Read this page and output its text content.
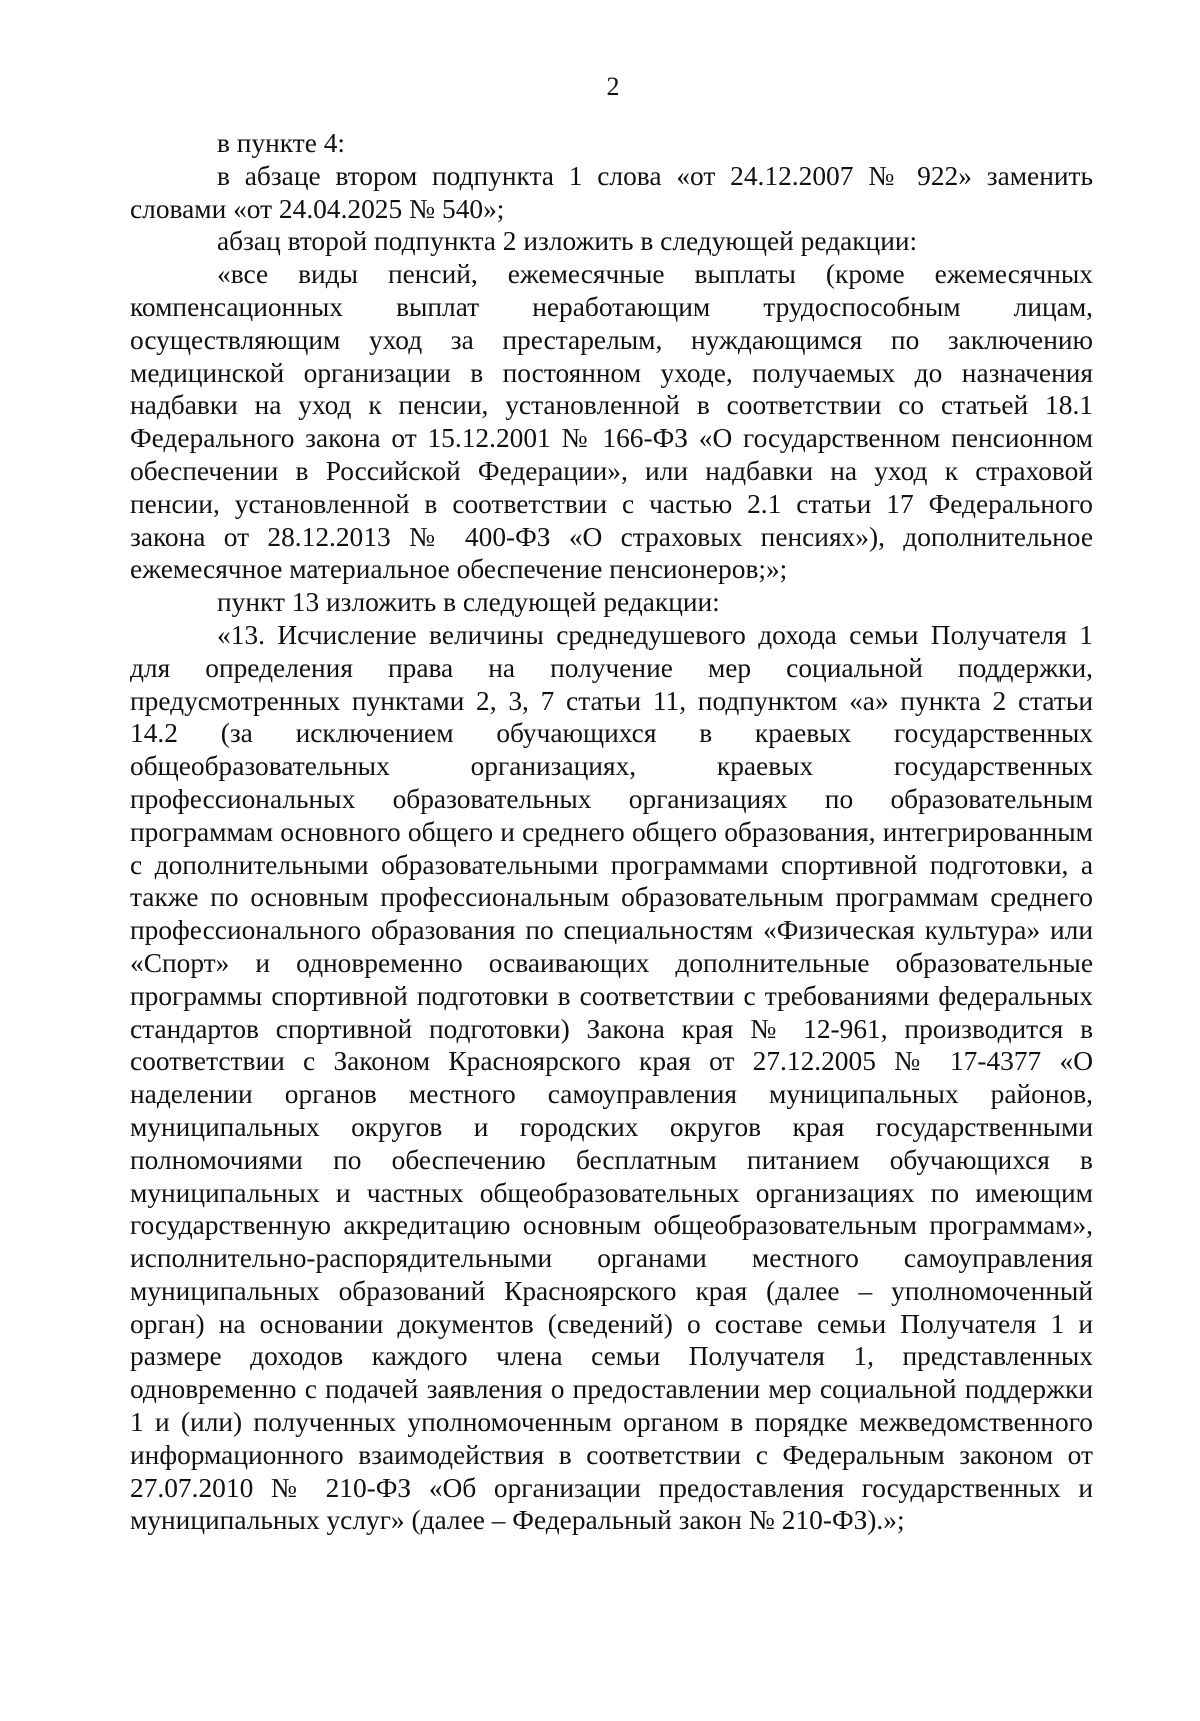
2

в пункте 4:

в абзаце втором подпункта 1 слова «от 24.12.2007 № 922» заменить словами «от 24.04.2025 № 540»;

абзац второй подпункта 2 изложить в следующей редакции:

«все виды пенсий, ежемесячные выплаты (кроме ежемесячных компенсационных выплат неработающим трудоспособным лицам, осуществляющим уход за престарелым, нуждающимся по заключению медицинской организации в постоянном уходе, получаемых до назначения надбавки на уход к пенсии, установленной в соответствии со статьей 18.1 Федерального закона от 15.12.2001 № 166-ФЗ «О государственном пенсионном обеспечении в Российской Федерации», или надбавки на уход к страховой пенсии, установленной в соответствии с частью 2.1 статьи 17 Федерального закона от 28.12.2013 № 400-ФЗ «О страховых пенсиях»), дополнительное ежемесячное материальное обеспечение пенсионеров;»;

пункт 13 изложить в следующей редакции:

«13. Исчисление величины среднедушевого дохода семьи Получателя 1 для определения права на получение мер социальной поддержки, предусмотренных пунктами 2, 3, 7 статьи 11, подпунктом «а» пункта 2 статьи 14.2 (за исключением обучающихся в краевых государственных общеобразовательных организациях, краевых государственных профессиональных образовательных организациях по образовательным программам основного общего и среднего общего образования, интегрированным с дополнительными образовательными программами спортивной подготовки, а также по основным профессиональным образовательным программам среднего профессионального образования по специальностям «Физическая культура» или «Спорт» и одновременно осваивающих дополнительные образовательные программы спортивной подготовки в соответствии с требованиями федеральных стандартов спортивной подготовки) Закона края № 12-961, производится в соответствии с Законом Красноярского края от 27.12.2005 № 17-4377 «О наделении органов местного самоуправления муниципальных районов, муниципальных округов и городских округов края государственными полномочиями по обеспечению бесплатным питанием обучающихся в муниципальных и частных общеобразовательных организациях по имеющим государственную аккредитацию основным общеобразовательным программам», исполнительно-распорядительными органами местного самоуправления муниципальных образований Красноярского края (далее – уполномоченный орган) на основании документов (сведений) о составе семьи Получателя 1 и размере доходов каждого члена семьи Получателя 1, представленных одновременно с подачей заявления о предоставлении мер социальной поддержки 1 и (или) полученных уполномоченным органом в порядке межведомственного информационного взаимодействия в соответствии с Федеральным законом от 27.07.2010 № 210-ФЗ «Об организации предоставления государственных и муниципальных услуг» (далее – Федеральный закон № 210-ФЗ).»;
